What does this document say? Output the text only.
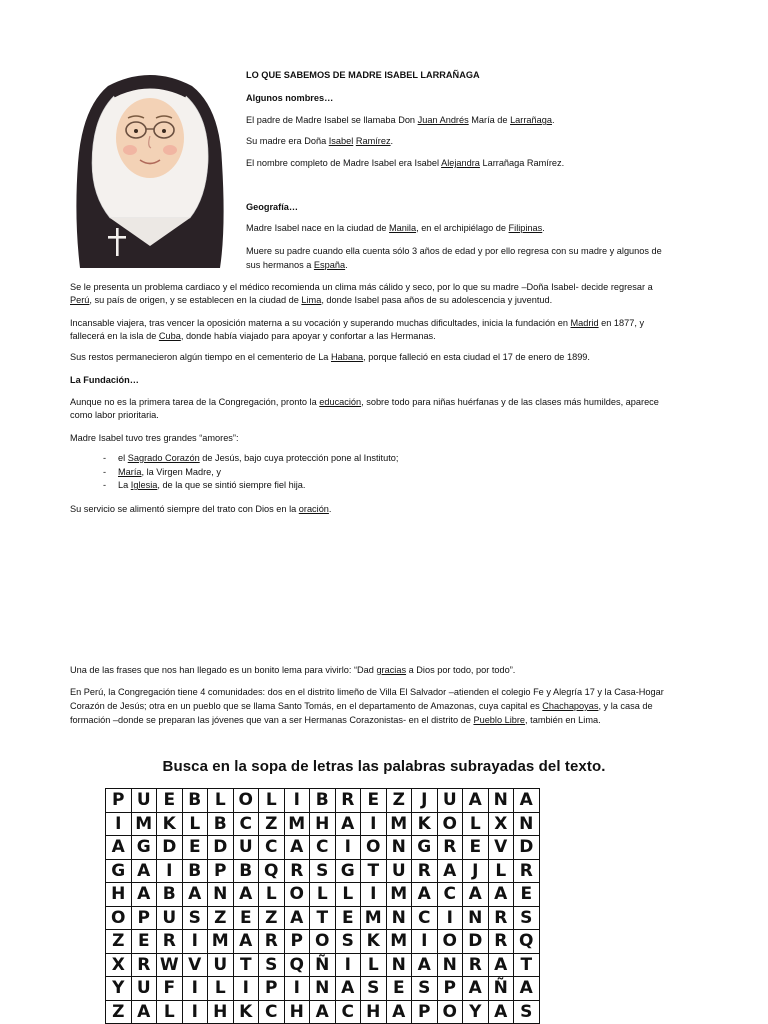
LO QUE SABEMOS DE MADRE ISABEL LARRAÑAGA
Algunos nombres…
El padre de Madre Isabel se llamaba Don Juan Andrés María de Larrañaga.
Su madre era Doña Isabel Ramírez.
El nombre completo de Madre Isabel era Isabel Alejandra Larrañaga Ramírez.
Geografía…
Madre Isabel nace en la ciudad de Manila, en el archipiélago de Filipinas.
Muere su padre cuando ella cuenta sólo 3 años de edad y por ello regresa con su madre y algunos de
sus hermanos a España.
Se le presenta un problema cardiaco y el médico recomienda un clima más cálido y seco, por lo que su madre –Doña Isabel- decide regresar a
Perú, su país de origen, y se establecen en la ciudad de Lima, donde Isabel pasa años de su adolescencia y juventud.
Incansable viajera, tras vencer la oposición materna a su vocación y superando muchas dificultades, inicia la fundación en Madrid en 1877, y
fallecerá en la isla de Cuba, donde había viajado para apoyar y confortar a las Hermanas.
Sus restos permanecieron algún tiempo en el cementerio de La Habana, porque falleció en esta ciudad el 17 de enero de 1899.
La Fundación…
Aunque no es la primera tarea de la Congregación, pronto la educación, sobre todo para niñas huérfanas y de las clases más humildes, aparece
como labor prioritaria.
Madre Isabel tuvo tres grandes “amores”:
- el Sagrado Corazón de Jesús, bajo cuya protección pone al Instituto;
- María, la Virgen Madre, y
- La Iglesia, de la que se sintió siempre fiel hija.
Su servicio se alimentó siempre del trato con Dios en la oración.
Una de las frases que nos han llegado es un bonito lema para vivirlo: “Dad gracias a Dios por todo, por todo”.
En Perú, la Congregación tiene 4 comunidades: dos en el distrito limeño de Villa El Salvador –atienden el colegio Fe y Alegría 17 y la Casa-Hogar
Corazón de Jesús; otra en un pueblo que se llama Santo Tomás, en el departamento de Amazonas, cuya capital es Chachapoyas, y la casa de
formación –donde se preparan las jóvenes que van a ser Hermanas Corazonistas- en el distrito de Pueblo Libre, también en Lima.
Busca en la sopa de letras las palabras subrayadas del texto.
P	U	E	B	L	O	L	I	B	R	E	Z	J	U	A	N	A
I	M	K	L	B	C	Z	M	H	A	I	M	K	O	L	X	N
A	G	D	E	D	U	C	A	C	I	O	N	G	R	E	V	D
G	A	I	B	P	B	Q	R	S	G	T	U	R	A	J	L	R
H	A	B	A	N	A	L	O	L	L	I	M	A	C	A	A	E
O	P	U	S	Z	E	Z	A	T	E	M	N	C	I	N	R	S
Z	E	R	I	M	A	R	P	O	S	K	M	I	O	D	R	Q
X	R	W	V	U	T	S	Q	Ñ	I	L	N	A	N	R	A	T
Y	U	F	I	L	I	P	I	N	A	S	E	S	P	A	Ñ	A
Z	A	L	I	H	K	C	H	A	C	H	A	P	O	Y	A	S
